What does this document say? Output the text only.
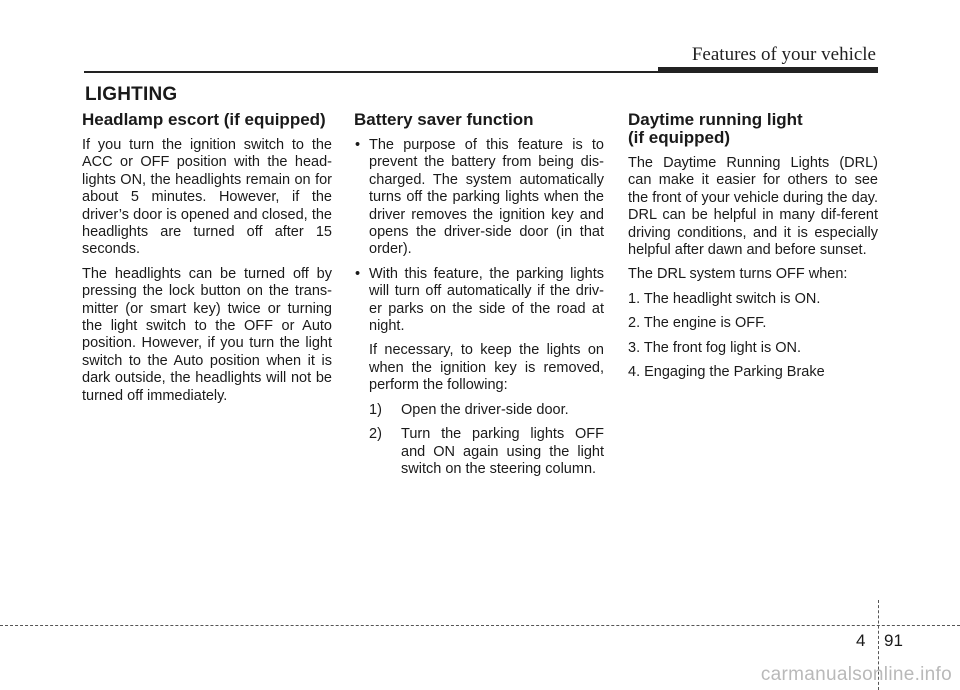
Features of your vehicle
LIGHTING
Headlamp escort (if equipped)

If you turn the ignition switch to the ACC or OFF position with the head-lights ON, the headlights remain on for about 5 minutes. However, if the driver’s door is opened and closed, the headlights are turned off after 15 seconds.

The headlights can be turned off by pressing the lock button on the trans-mitter (or smart key) twice or turning the light switch to the OFF or Auto position. However, if you turn the light switch to the Auto position when it is dark outside, the headlights will not be turned off immediately.

Battery saver function

• The purpose of this feature is to prevent the battery from being dis-charged. The system automatically turns off the parking lights when the driver removes the ignition key and opens the driver-side door (in that order).

• With this feature, the parking lights will turn off automatically if the driv-er parks on the side of the road at night.

If necessary, to keep the lights on when the ignition key is removed, perform the following:

1) Open the driver-side door.

2) Turn the parking lights OFF and ON again using the light switch on the steering column.

Daytime running light
(if equipped)

The Daytime Running Lights (DRL) can make it easier for others to see the front of your vehicle during the day. DRL can be helpful in many dif-ferent driving conditions, and it is especially helpful after dawn and before sunset.

The DRL system turns OFF when:

1. The headlight switch is ON.

2. The engine is OFF.

3. The front fog light is ON.

4. Engaging the Parking Brake

4 91
carmanualsonline.info
